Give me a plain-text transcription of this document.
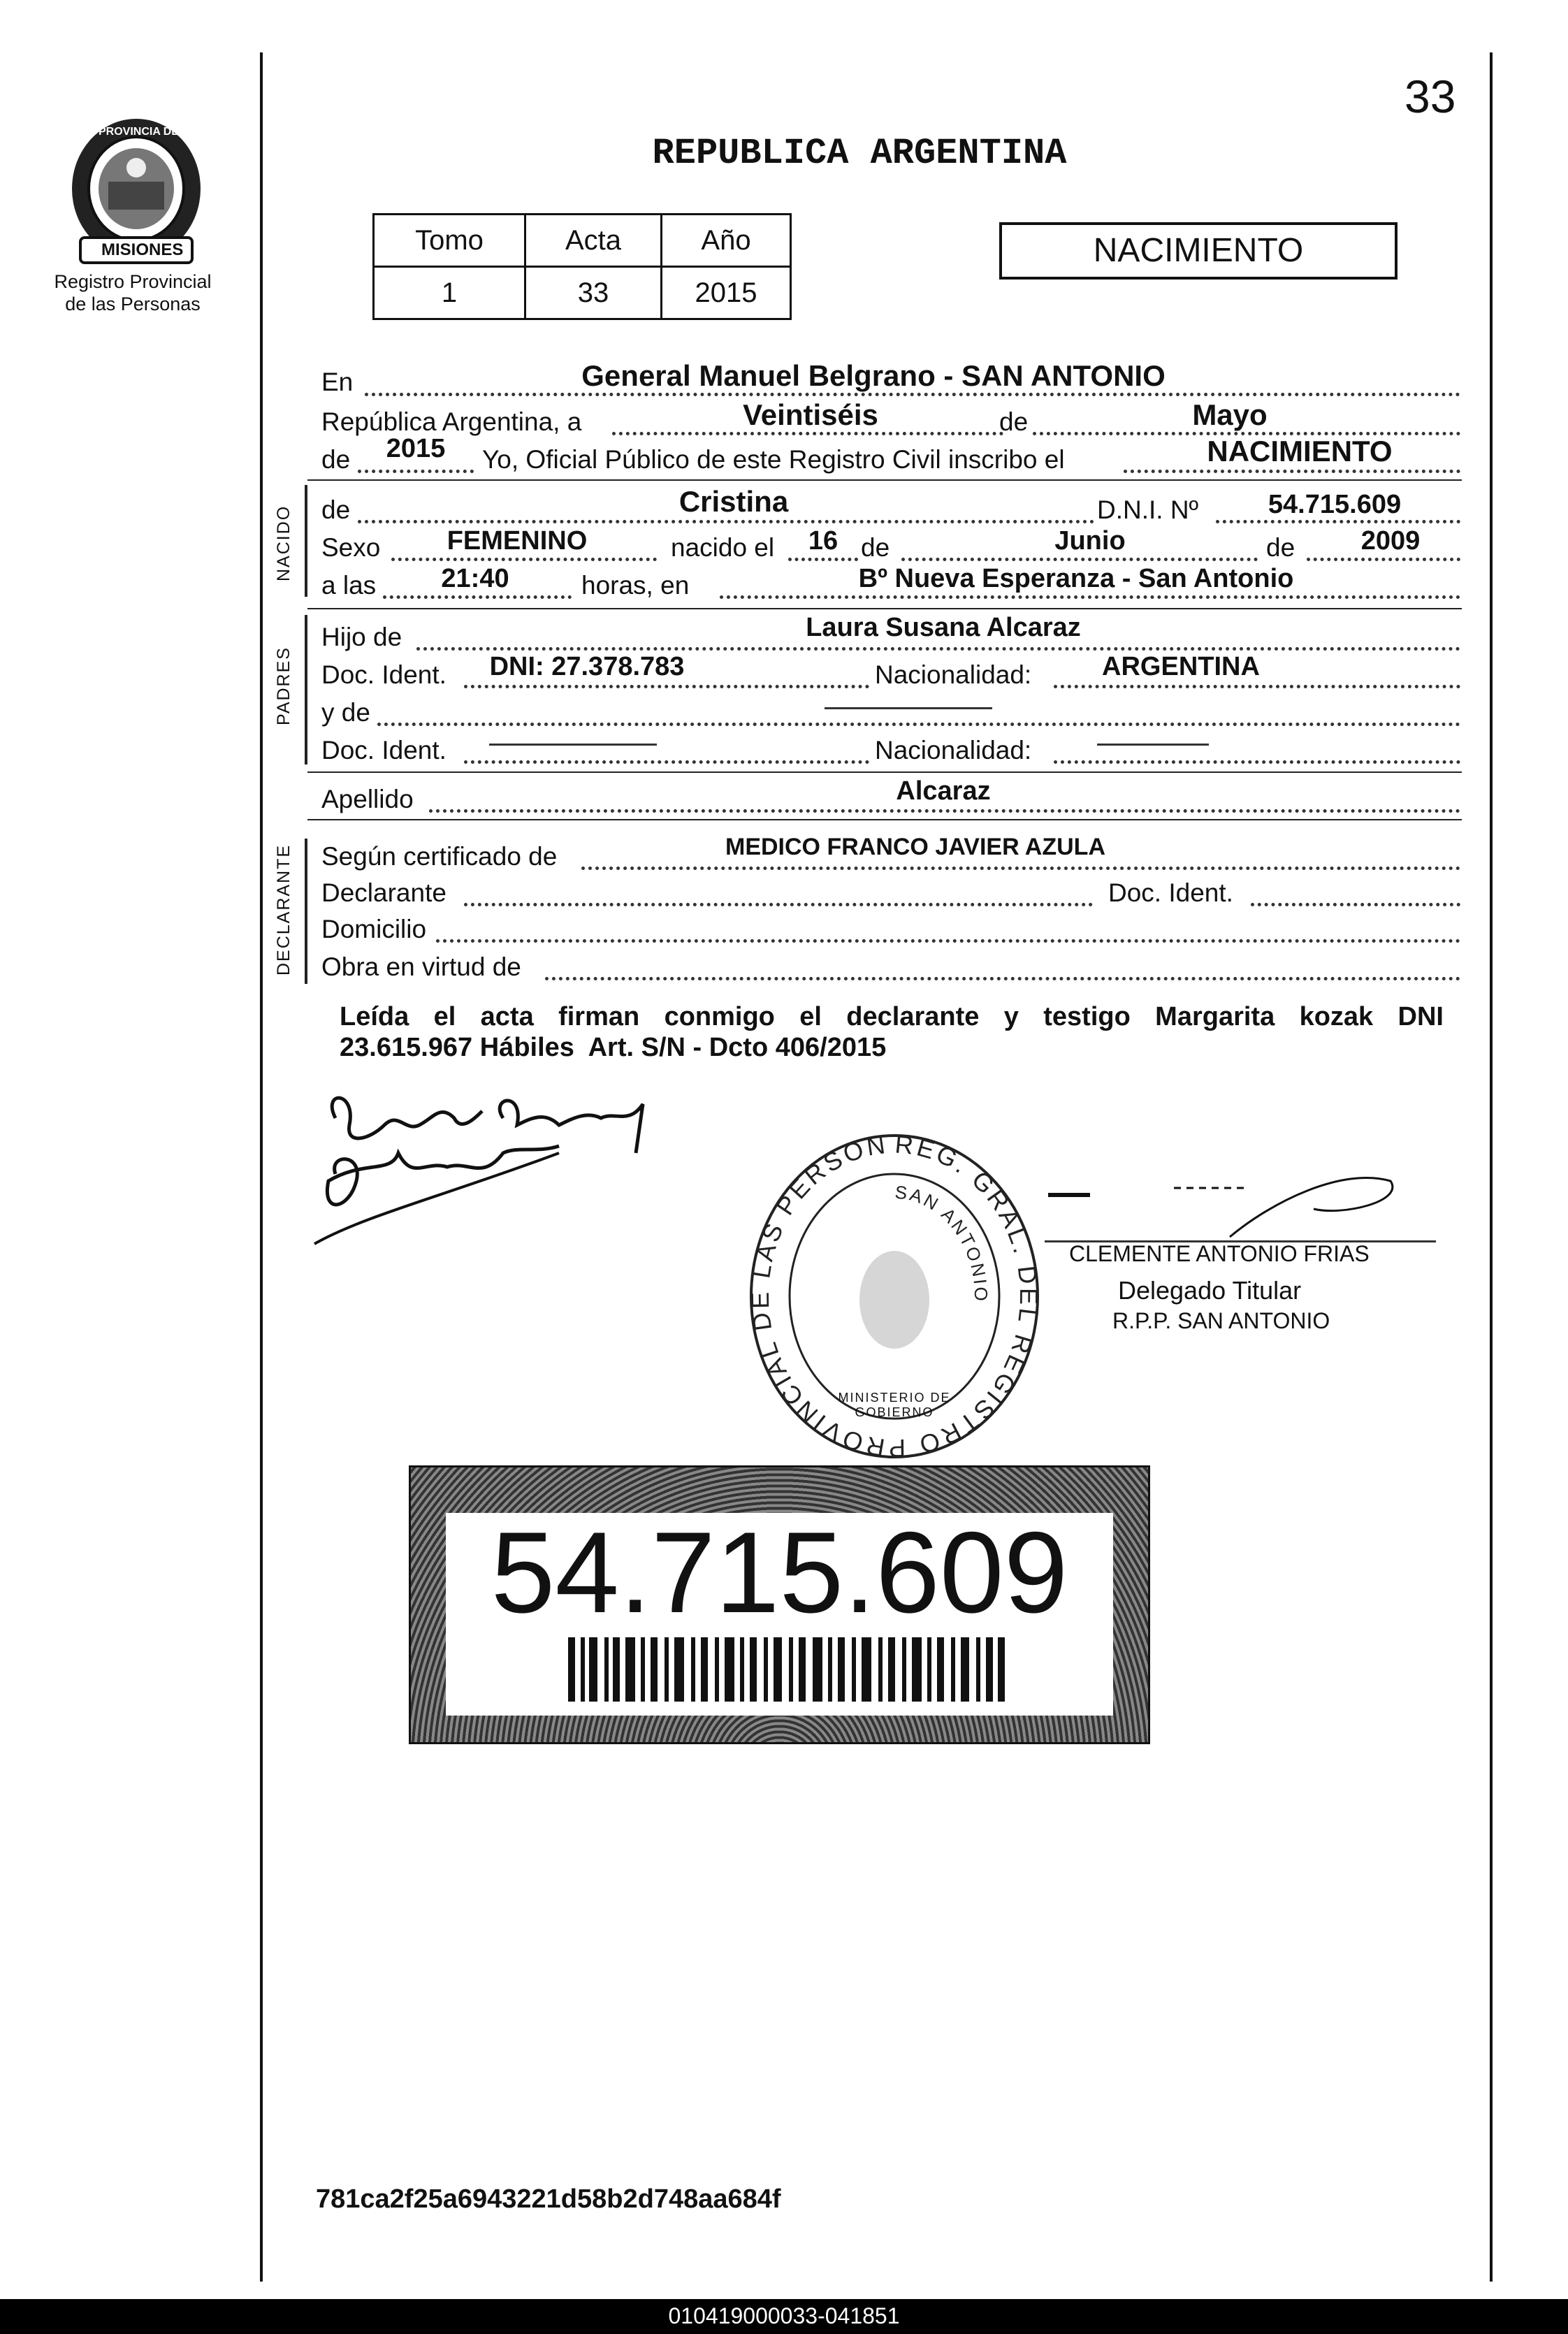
33
PROVINCIA DE
MISIONES
Registro Provincial
de las Personas
REPUBLICA ARGENTINA
Tomo	Acta	Año
1	33	2015
NACIMIENTO
En	General Manuel Belgrano - SAN ANTONIO
República Argentina, a	Veintiséis	de	Mayo
de	2015	Yo, Oficial Público de este Registro Civil inscribo el	NACIMIENTO
NACIDO de	Cristina	D.N.I. Nº	54.715.609
Sexo	FEMENINO	nacido el	16 de	Junio	de	2009
a las	21:40	horas, en	Bº Nueva Esperanza - San Antonio
PADRES
Hijo de	Laura Susana Alcaraz
Doc. Ident.	DNI: 27.378.783	Nacionalidad:	ARGENTINA
y de
Doc. Ident.	Nacionalidad:
Apellido	Alcaraz
DECLARANTE Según certificado de	MEDICO FRANCO JAVIER AZULA
Declarante	Doc. Ident.
Domicilio
Obra en virtud de
Leída el acta firman conmigo el declarante y testigo Margarita kozak DNI
23.615.967 Hábiles  Art. S/N - Dcto 406/2015
REG. GRAL. DEL REGISTRO PROVINCIAL DE LAS PERSON
SAN ANTONIO
MINISTERIO DE GOBIERNO
CLEMENTE ANTONIO FRIAS
Delegado Titular
R.P.P. SAN ANTONIO
54.715.609
781ca2f25a6943221d58b2d748aa684f
010419000033-041851
